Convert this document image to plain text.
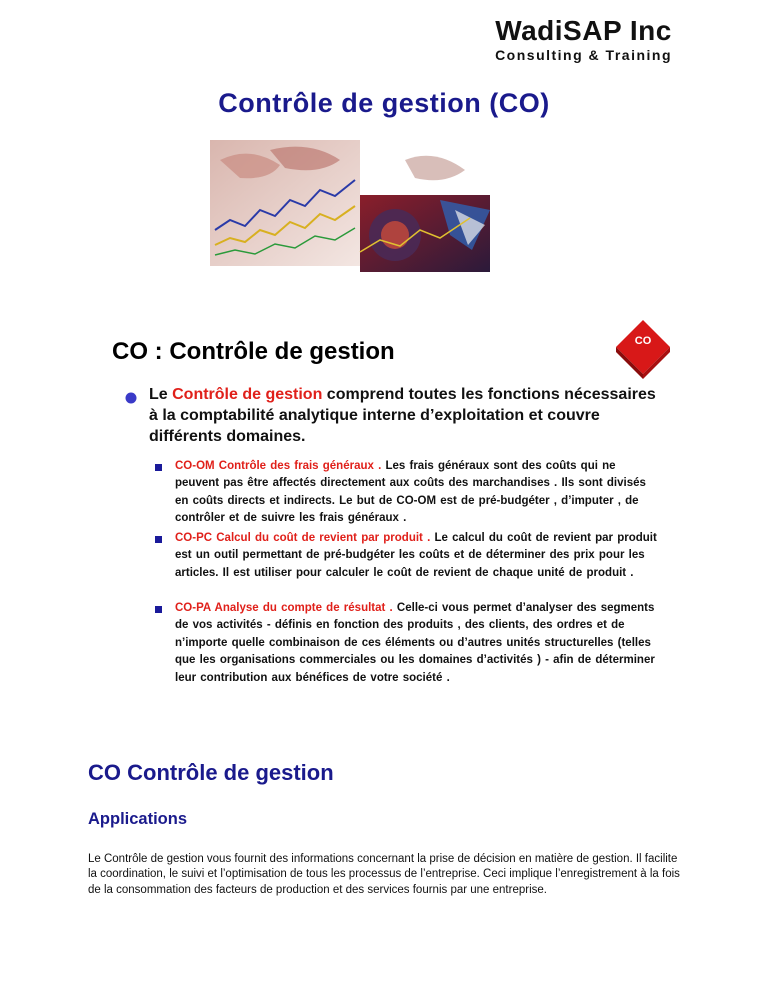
WadiSAP Inc
Consulting & Training
Contrôle de gestion (CO)
CO : Contrôle de gestion	CO
Le Contrôle de gestion comprend toutes les fonctions nécessaires à la comptabilité analytique interne d’exploitation et couvre différents domaines.
CO-OM Contrôle des frais généraux . Les frais généraux sont des coûts qui ne peuvent pas être affectés directement aux coûts des marchandises . Ils sont divisés en coûts directs et indirects. Le but de CO-OM est de pré-budgéter , d’imputer , de contrôler et de suivre les frais généraux .
CO-PC Calcul du coût de revient par produit . Le calcul du coût de revient par produit est un outil permettant de pré-budgéter les coûts et de déterminer des prix pour les articles. Il est utiliser pour calculer le coût de revient de chaque unité de produit .
CO-PA Analyse du compte de résultat . Celle-ci vous permet d’analyser des segments de vos activités - définis en fonction des produits , des clients, des ordres et de n’importe quelle combinaison de ces éléments ou d’autres unités structurelles (telles que les organisations commerciales ou les domaines d’activités ) - afin de déterminer leur contribution aux bénéfices de votre société .
CO Contrôle de gestion
Applications
Le Contrôle de gestion vous fournit des informations concernant la prise de décision en matière de gestion. Il facilite la coordination, le suivi et l’optimisation de tous les processus de l’entreprise. Ceci implique l’enregistrement à la fois de la consommation des facteurs de production et des services fournis par une entreprise.
